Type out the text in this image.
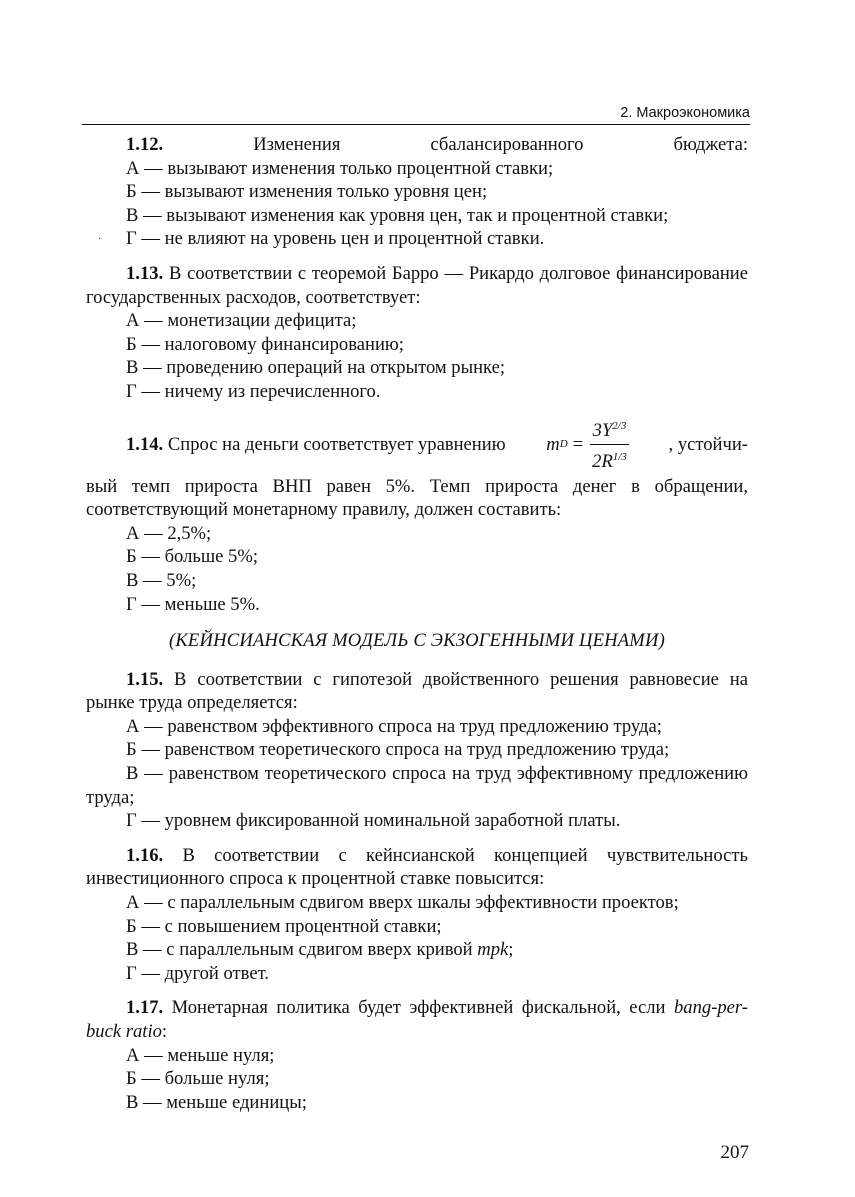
2. Макроэкономика
·

1.12. Изменения сбалансированного бюджета:

А — вызывают изменения только процентной ставки;

Б — вызывают изменения только уровня цен;

В — вызывают изменения как уровня цен, так и процентной ставки;

Г — не влияют на уровень цен и процентной ставки.

1.13. В соответствии с теоремой Барро — Рикардо долговое финансирование государственных расходов, соответствует:

А — монетизации дефицита;

Б — налоговому финансированию;

В — проведению операций на открытом рынке;

Г — ничему из перечисленного.

1.14. Спрос на деньги соответствует уравнению m $D = \frac{3Y^{2/3}}{2R^{1/3}}$ , устойчи-

вый темп прироста ВНП равен 5%. Темп прироста денег в обращении, соответствующий монетарному правилу, должен составить:

А — 2,5%;

Б — больше 5%;

В — 5%;

Г — меньше 5%.

(КЕЙНСИАНСКАЯ МОДЕЛЬ С ЭКЗОГЕННЫМИ ЦЕНАМИ)

1.15. В соответствии с гипотезой двойственного решения равновесие на рынке труда определяется:

А — равенством эффективного спроса на труд предложению труда;

Б — равенством теоретического спроса на труд предложению труда;

В — равенством теоретического спроса на труд эффективному предложению труда;

Г — уровнем фиксированной номинальной заработной платы.

1.16. В соответствии с кейнсианской концепцией чувствительность инвестиционного спроса к процентной ставке повысится:

А — с параллельным сдвигом вверх шкалы эффективности проектов;

Б — с повышением процентной ставки;

В — с параллельным сдвигом вверх кривой mpk;

Г — другой ответ.

1.17. Монетарная политика будет эффективней фискальной, если bang-per-buck ratio:

А — меньше нуля;

Б — больше нуля;

В — меньше единицы;

207
